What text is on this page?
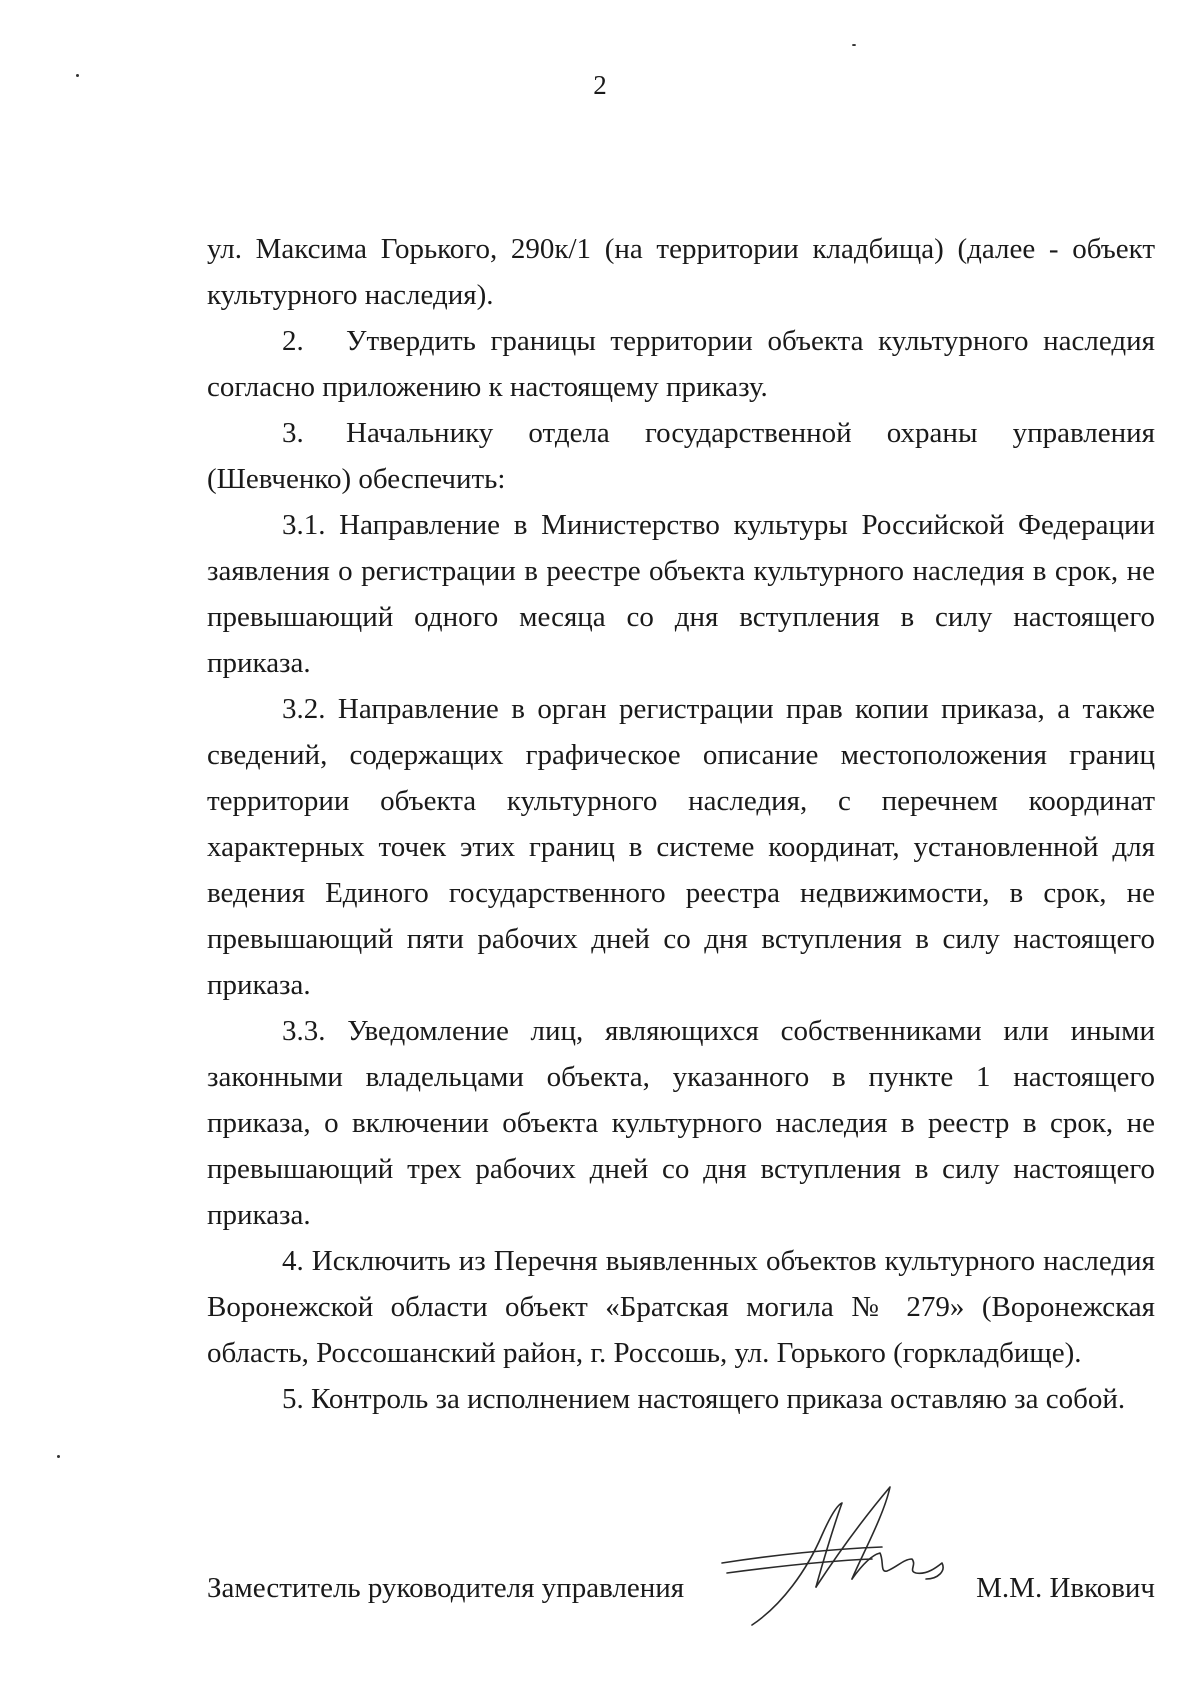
2

ул. Максима Горького, 290к/1 (на территории кладбища) (далее - объект культурного наследия).

2. Утвердить границы территории объекта культурного наследия согласно приложению к настоящему приказу.

3. Начальнику отдела государственной охраны управления (Шевченко) обеспечить:

3.1. Направление в Министерство культуры Российской Федерации заявления о регистрации в реестре объекта культурного наследия в срок, не превышающий одного месяца со дня вступления в силу настоящего приказа.

3.2. Направление в орган регистрации прав копии приказа, а также сведений, содержащих графическое описание местоположения границ территории объекта культурного наследия, с перечнем координат характерных точек этих границ в системе координат, установленной для ведения Единого государственного реестра недвижимости, в срок, не превышающий пяти рабочих дней со дня вступления в силу настоящего приказа.

3.3. Уведомление лиц, являющихся собственниками или иными законными владельцами объекта, указанного в пункте 1 настоящего приказа, о включении объекта культурного наследия в реестр в срок, не превышающий трех рабочих дней со дня вступления в силу настоящего приказа.

4. Исключить из Перечня выявленных объектов культурного наследия Воронежской области объект «Братская могила № 279» (Воронежская область, Россошанский район, г. Россошь, ул. Горького (горкладбище).

5. Контроль за исполнением настоящего приказа оставляю за собой.

Заместитель руководителя управления	М.М. Ивкович
